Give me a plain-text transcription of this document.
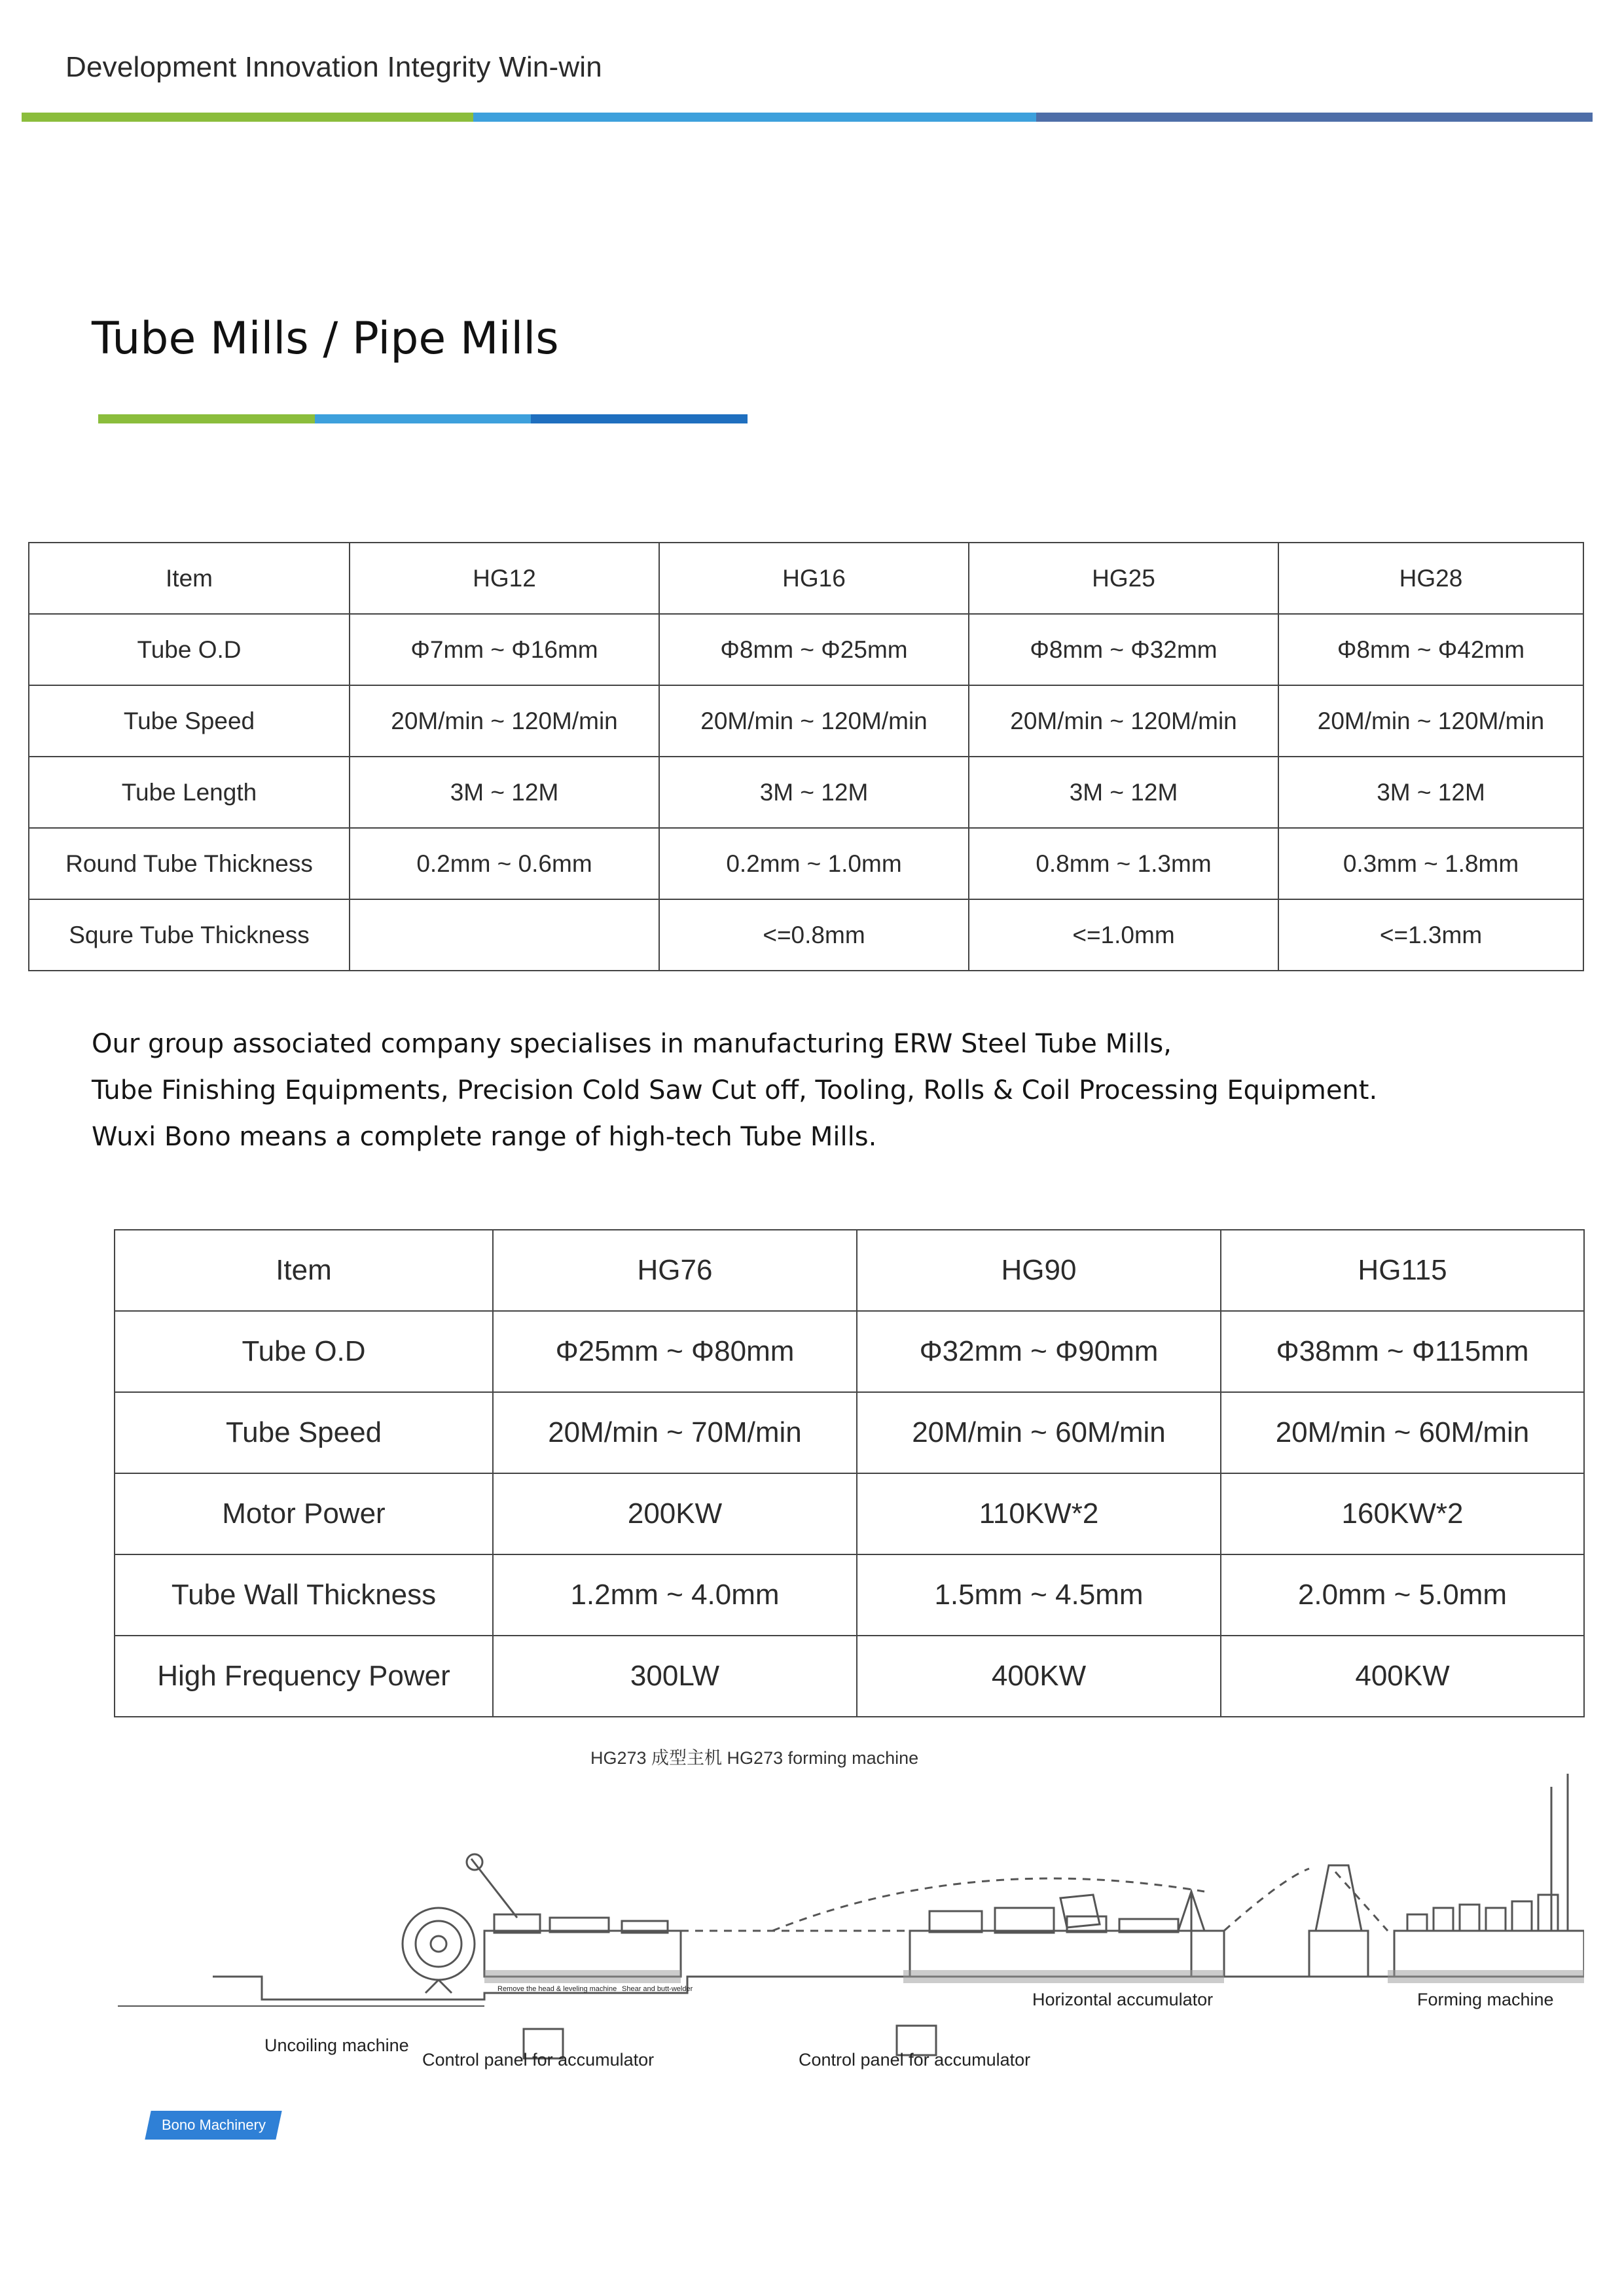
Development Innovation Integrity Win-win
Tube Mills / Pipe Mills
Item	HG12	HG16	HG25	HG28
Tube O.D	Φ7mm ~ Φ16mm	Φ8mm ~ Φ25mm	Φ8mm ~ Φ32mm	Φ8mm ~ Φ42mm
Tube Speed	20M/min ~ 120M/min	20M/min ~ 120M/min	20M/min ~ 120M/min	20M/min ~ 120M/min
Tube Length	3M ~ 12M	3M ~ 12M	3M ~ 12M	3M ~ 12M
Round Tube Thickness	0.2mm ~ 0.6mm	0.2mm ~ 1.0mm	0.8mm ~ 1.3mm	0.3mm ~ 1.8mm
Squre Tube Thickness		<=0.8mm	<=1.0mm	<=1.3mm
Our group associated company specialises in manufacturing ERW Steel Tube Mills,
Tube Finishing Equipments, Precision Cold Saw Cut off, Tooling, Rolls & Coil Processing Equipment.
Wuxi Bono means a complete range of high-tech Tube Mills.
Item	HG76	HG90	HG115
Tube O.D	Φ25mm ~ Φ80mm	Φ32mm ~ Φ90mm	Φ38mm ~ Φ115mm
Tube Speed	20M/min ~ 70M/min	20M/min ~ 60M/min	20M/min ~ 60M/min
Motor Power	200KW	110KW*2	160KW*2
Tube Wall Thickness	1.2mm ~ 4.0mm	1.5mm ~ 4.5mm	2.0mm ~ 5.0mm
High Frequency Power	300LW	400KW	400KW
HG273 成型主机 HG273 forming machine
Remove the head & leveling machine Shear and butt-welder
Uncoiling machine
Control panel for accumulator	Control panel for accumulator
Horizontal accumulator	Forming machine
Bono Machinery
